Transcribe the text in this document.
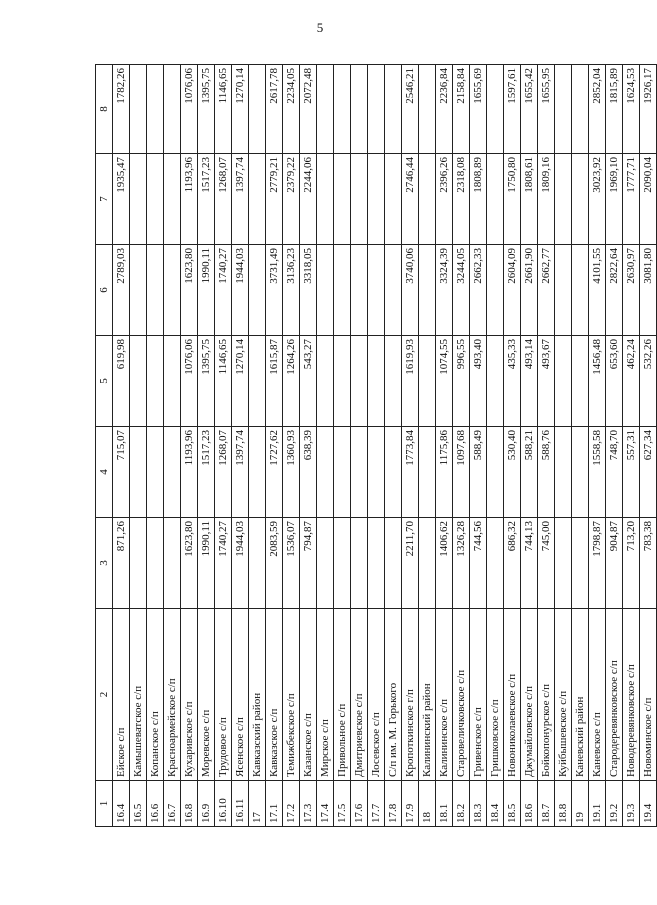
5
1	2	3	4	5	6	7	8
16.4	Ейское с/п	871,26	715,07	619,98	2789,03	1935,47	1782,26
16.5	Камышеватское с/п						
16.6	Копанское с/п						
16.7	Красноармейское с/п						
16.8	Кухаривское с/п	1623,80	1193,96	1076,06	1623,80	1193,96	1076,06
16.9	Моревское с/п	1990,11	1517,23	1395,75	1990,11	1517,23	1395,75
16.10	Трудовое с/п	1740,27	1268,07	1146,65	1740,27	1268,07	1146,65
16.11	Ясенское с/п	1944,03	1397,74	1270,14	1944,03	1397,74	1270,14
17	Кавказский район						
17.1	Кавказское с/п	2083,59	1727,62	1615,87	3731,49	2779,21	2617,78
17.2	Темижбекское с/п	1536,07	1360,93	1264,26	3136,23	2379,22	2234,05
17.3	Казанское с/п	794,87	638,39	543,27	3318,05	2244,06	2072,48
17.4	Мирское с/п						
17.5	Привольное с/п						
17.6	Дмитриевское с/п						
17.7	Лосевское с/п						
17.8	С/п им. М. Горького						
17.9	Кропоткинское г/п	2211,70	1773,84	1619,93	3740,06	2746,44	2546,21
18	Калининский район						
18.1	Калининское с/п	1406,62	1175,86	1074,55	3324,39	2396,26	2236,84
18.2	Старовеличковское с/п	1326,28	1097,68	996,55	3244,05	2318,08	2158,84
18.3	Гривенское с/п	744,56	588,49	493,40	2662,33	1808,89	1655,69
18.4	Гришковское с/п						
18.5	Новониколаевское с/п	686,32	530,40	435,33	2604,09	1750,80	1597,61
18.6	Джумайловское с/п	744,13	588,21	493,14	2661,90	1808,61	1655,42
18.7	Бойкопонурское с/п	745,00	588,76	493,67	2662,77	1809,16	1655,95
18.8	Куйбышевское с/п						
19	Каневский район						
19.1	Каневское с/п	1798,87	1558,58	1456,48	4101,55	3023,92	2852,04
19.2	Стародеревянковское с/п	904,87	748,70	653,60	2822,64	1969,10	1815,89
19.3	Новодеревянковское с/п	713,20	557,31	462,24	2630,97	1777,71	1624,53
19.4	Новоминское с/п	783,38	627,34	532,26	3081,80	2090,04	1926,17
